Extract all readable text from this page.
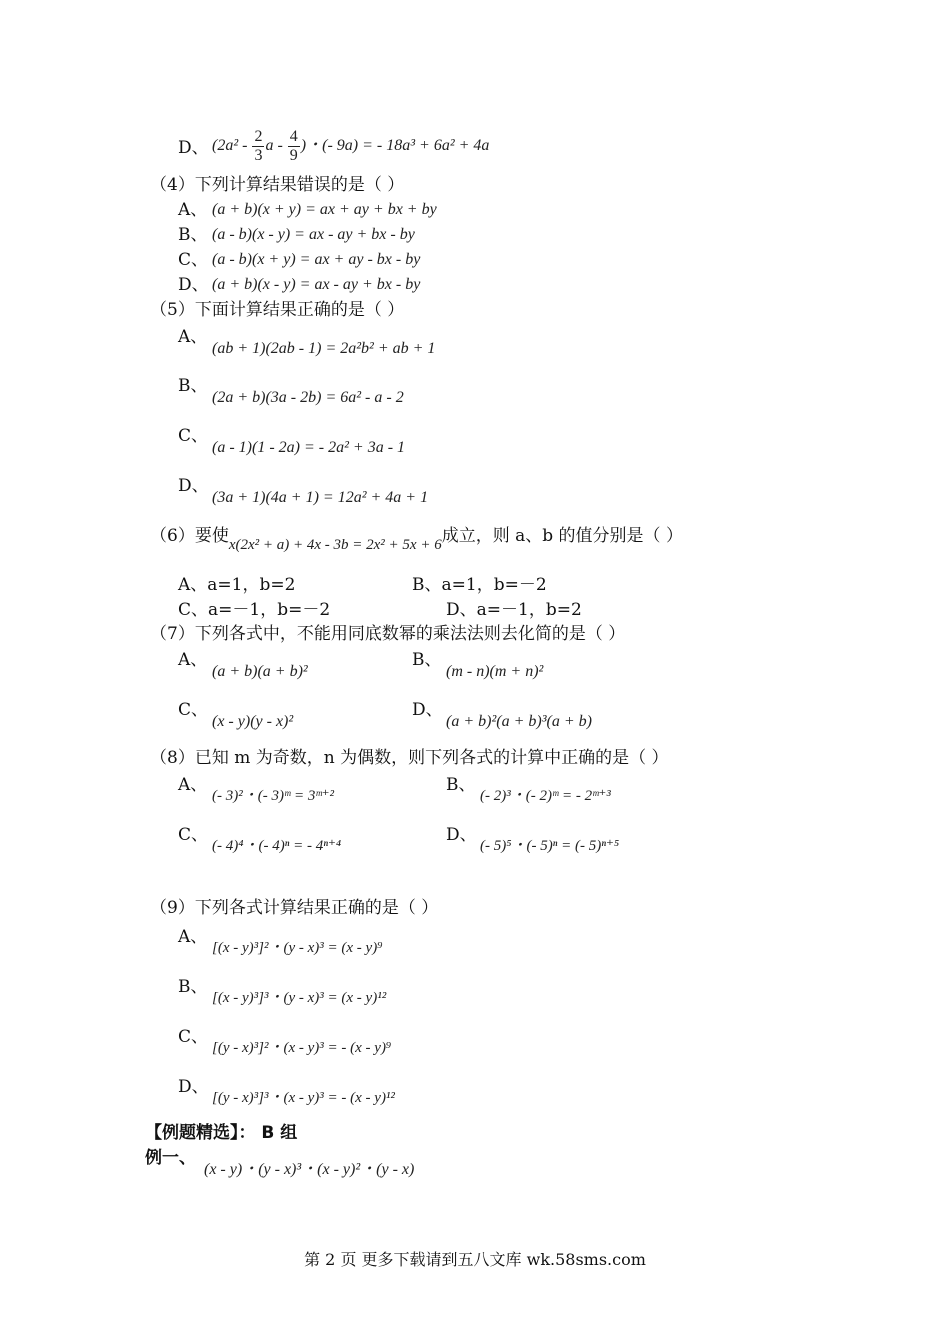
D、 ($2a^2 - \frac{2}{3}$ a - $\frac{4}{9}$ )・(- 9a) = - 18a³ + 6a² + 4a
（4）下列计算结果错误的是（ ）
A、 (a + b)(x + y) = ax + ay + bx + by
B、 (a - b)(x - y) = ax - ay + bx - by
C、 (a - b)(x + y) = ax + ay - bx - by
D、 (a + b)(x - y) = ax - ay + bx - by
（5）下面计算结果正确的是（ ）
A、
(ab + 1)(2ab - 1) = 2a²b² + ab + 1
B、
(2a + b)(3a - 2b) = 6a² - a - 2
C、
(a - 1)(1 - 2a) = - 2a² + 3a - 1
D、
(3a + 1)(4a + 1) = 12a² + 4a + 1
（6）要使x(2x² + a) + 4x - 3b = 2x² + 5x + 6成立，则 a、b 的值分别是（ ）
A、a=1，b=2	B、a=1，b=－2
C、a=－1，b=－2	D、a=－1，b=2
（7）下列各式中，不能用同底数幂的乘法法则去化简的是（ ）
A、
(a + b)(a + b)²
B、
(m - n)(m + n)²
C、
(x - y)(y - x)²
D、
(a + b)²(a + b)³(a + b)
（8）已知 m 为奇数，n 为偶数，则下列各式的计算中正确的是（ ）
A、
(- 3)²・(- 3)ᵐ = 3ᵐ⁺²
B、
(- 2)³・(- 2)ᵐ = - 2ᵐ⁺³
C、
(- 4)⁴・(- 4)ⁿ = - 4ⁿ⁺⁴
D、
(- 5)⁵・(- 5)ⁿ = (- 5)ⁿ⁺⁵
（9）下列各式计算结果正确的是（ ）
A、
[(x - y)³]²・(y - x)³ = (x - y)⁹
B、
[(x - y)³]³・(y - x)³ = (x - y)¹²
C、
[(y - x)³]²・(x - y)³ = - (x - y)⁹
D、
[(y - x)³]³・(x - y)³ = - (x - y)¹²
【例题精选】： B 组
例一、
(x - y)・(y - x)³・(x - y)²・(y - x)
第 2 页 更多下载请到五八文库 wk.58sms.com
